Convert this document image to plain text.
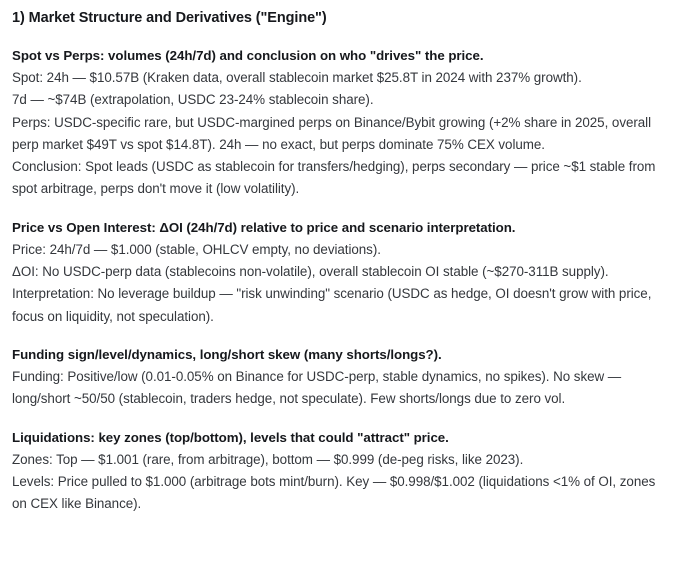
1) Market Structure and Derivatives ("Engine")

Spot vs Perps: volumes (24h/7d) and conclusion on who "drives" the price.

Spot: 24h — $10.57B (Kraken data, overall stablecoin market $25.8T in 2024 with 237% growth).

7d — ~$74B (extrapolation, USDC 23-24% stablecoin share).

Perps: USDC-specific rare, but USDC-margined perps on Binance/Bybit growing (+2% share in 2025, overall perp market $49T vs spot $14.8T). 24h — no exact, but perps dominate 75% CEX volume.

Conclusion: Spot leads (USDC as stablecoin for transfers/hedging), perps secondary — price ~$1 stable from spot arbitrage, perps don't move it (low volatility).

Price vs Open Interest: ΔOI (24h/7d) relative to price and scenario interpretation.

Price: 24h/7d — $1.000 (stable, OHLCV empty, no deviations).

ΔOI: No USDC-perp data (stablecoins non-volatile), overall stablecoin OI stable (~$270-311B supply).

Interpretation: No leverage buildup — "risk unwinding" scenario (USDC as hedge, OI doesn't grow with price, focus on liquidity, not speculation).

Funding sign/level/dynamics, long/short skew (many shorts/longs?).

Funding: Positive/low (0.01-0.05% on Binance for USDC-perp, stable dynamics, no spikes). No skew — long/short ~50/50 (stablecoin, traders hedge, not speculate). Few shorts/longs due to zero vol.

Liquidations: key zones (top/bottom), levels that could "attract" price.

Zones: Top — $1.001 (rare, from arbitrage), bottom — $0.999 (de-peg risks, like 2023).

Levels: Price pulled to $1.000 (arbitrage bots mint/burn). Key — $0.998/$1.002 (liquidations <1% of OI, zones on CEX like Binance).
